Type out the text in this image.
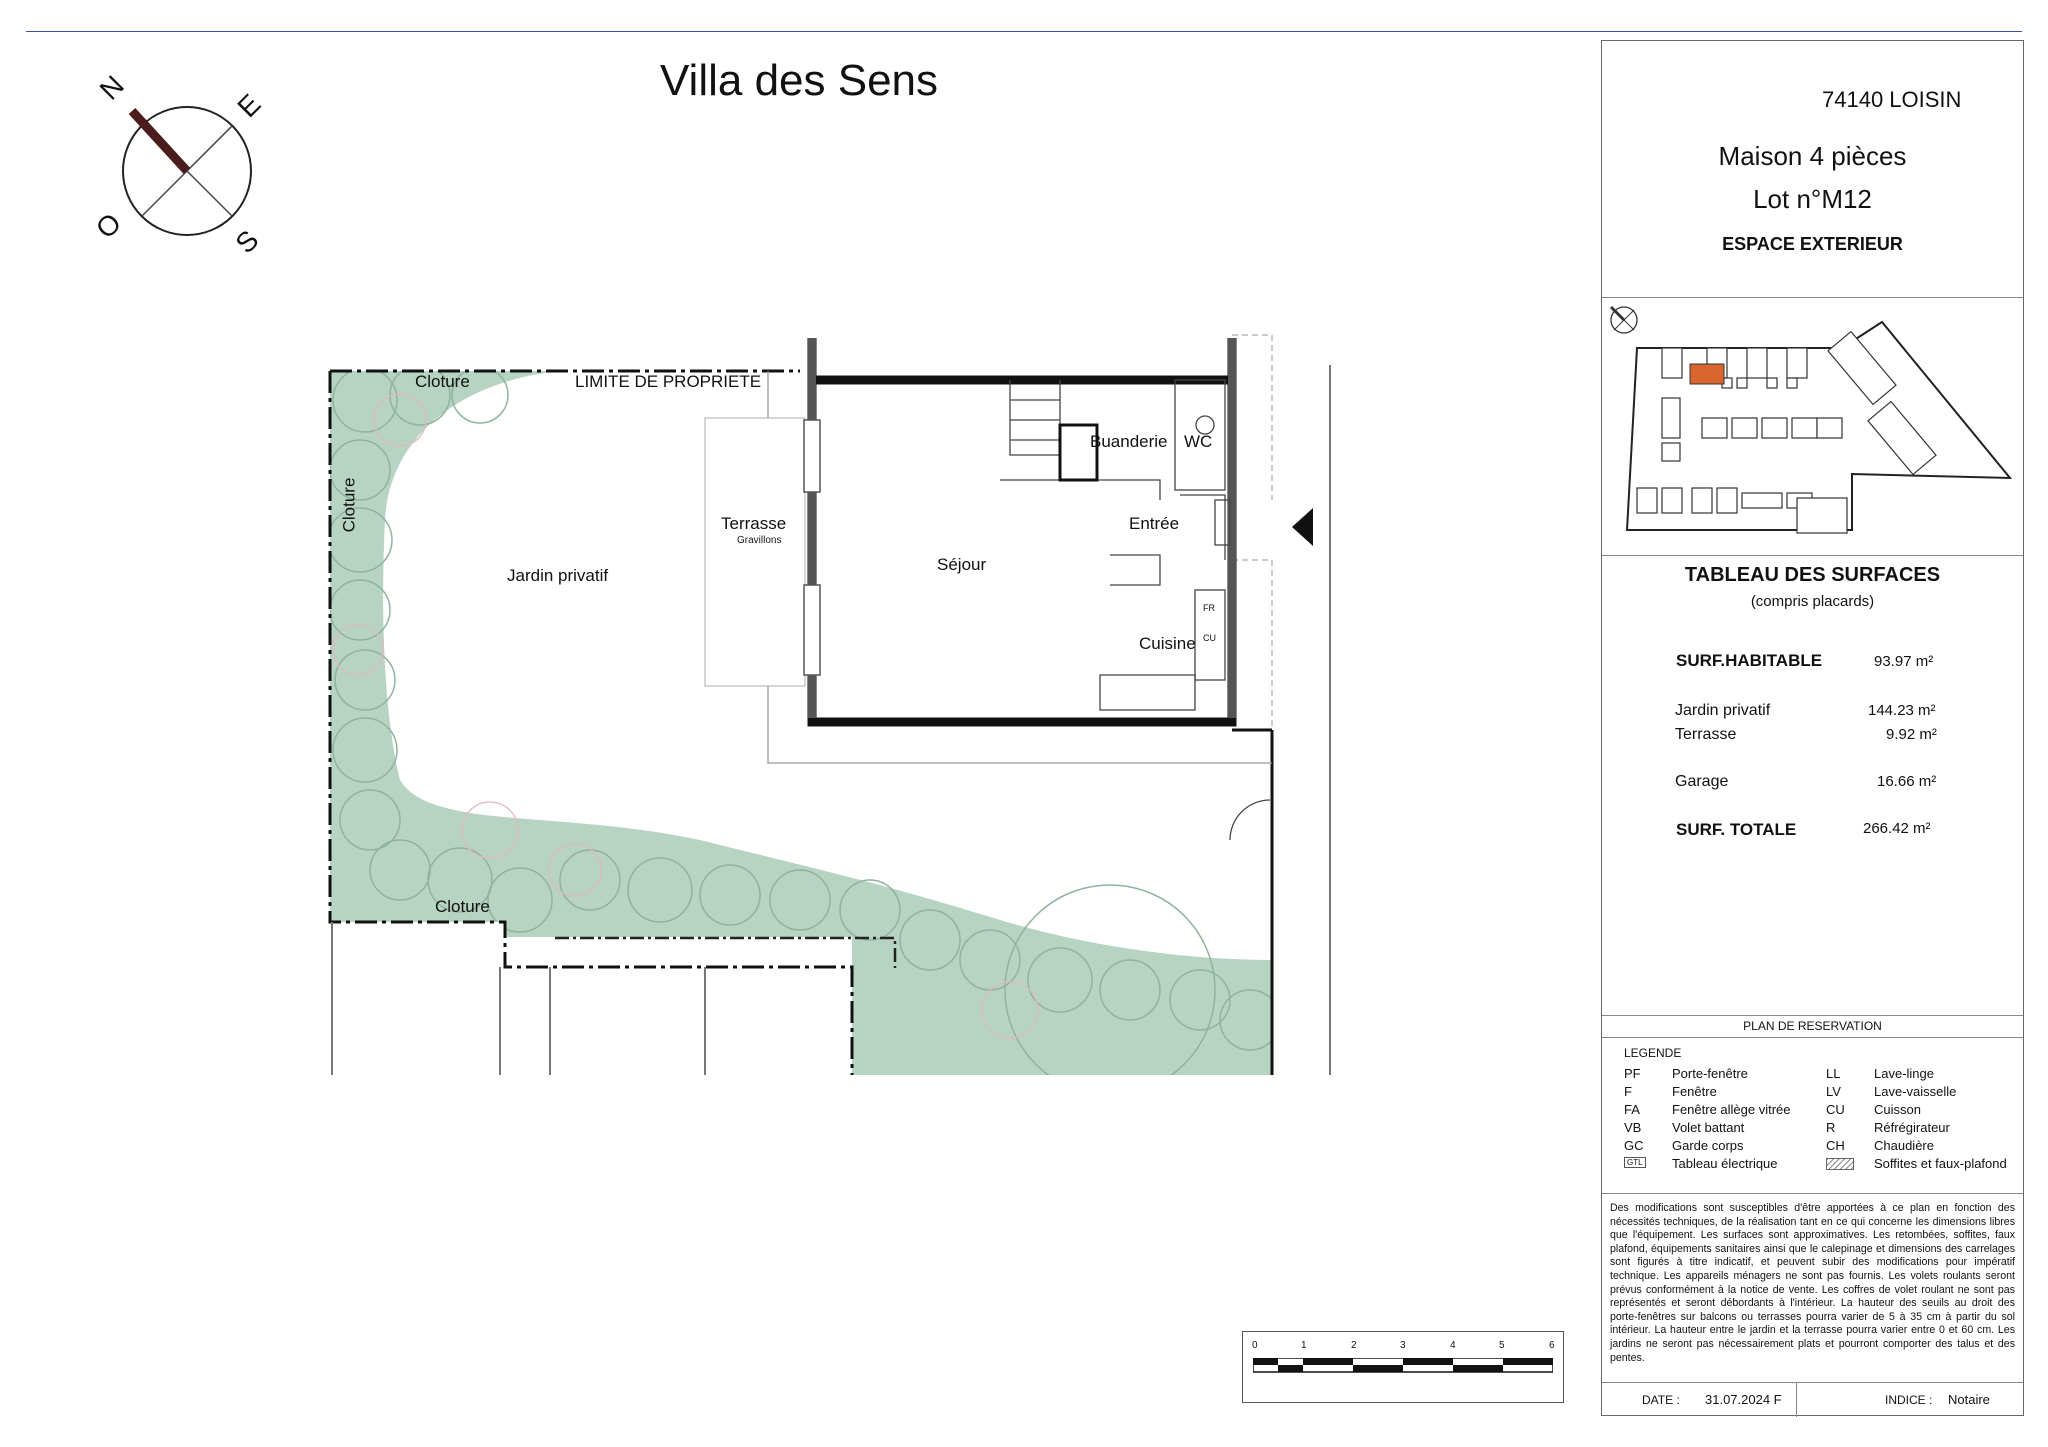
Villa des Sens
N	E
O	S
Cloture	LIMITE DE PROPRIETE
Cloture
Jardin privatif
Terrasse
Gravillons
Séjour
Buanderie WC
Entrée
Cuisine
FR
CU
Cloture
0	1	2	3	4	5	6
74140 LOISIN
Maison 4 pièces
Lot n°M12
ESPACE EXTERIEUR
TABLEAU DES SURFACES
(compris placards)
SURF.HABITABLE	93.97 m²
Jardin privatif	144.23 m²
Terrasse	9.92 m²
Garage	16.66 m²
SURF. TOTALE	266.42 m²
PLAN DE RESERVATION
LEGENDE
PF Porte-fenêtre
F	Fenêtre
FA Fenêtre allège vitrée
VB Volet battant
GC Garde corps
GTL Tableau électrique
LL	Lave-linge
LV	Lave-vaisselle
CU Cuisson
R	Réfrégirateur
CH Chaudière
Soffites et faux-plafond
Des modifications sont susceptibles d'être apportées à ce plan en fonction des nécessités techniques, de la réalisation tant en ce qui concerne les dimensions libres que l'équipement. Les surfaces sont approximatives. Les retombées, soffites, faux plafond, équipements sanitaires ainsi que le calepinage et dimensions des carrelages sont figurés à titre indicatif, et peuvent subir des modifications pour impératif technique. Les appareils ménagers ne sont pas fournis. Les volets roulants seront prévus conformément à la notice de vente. Les coffres de volet roulant ne sont pas représentés et seront débordants à l'intérieur. La hauteur des seuils au droit des porte-fenêtres sur balcons ou terrasses pourra varier de 5 à 35 cm à partir du sol intérieur. La hauteur entre le jardin et la terrasse pourra varier entre 0 et 60 cm. Les jardins ne seront pas nécessairement plats et pourront comporter des talus et des pentes.
DATE : 31.07.2024 F	INDICE : Notaire
